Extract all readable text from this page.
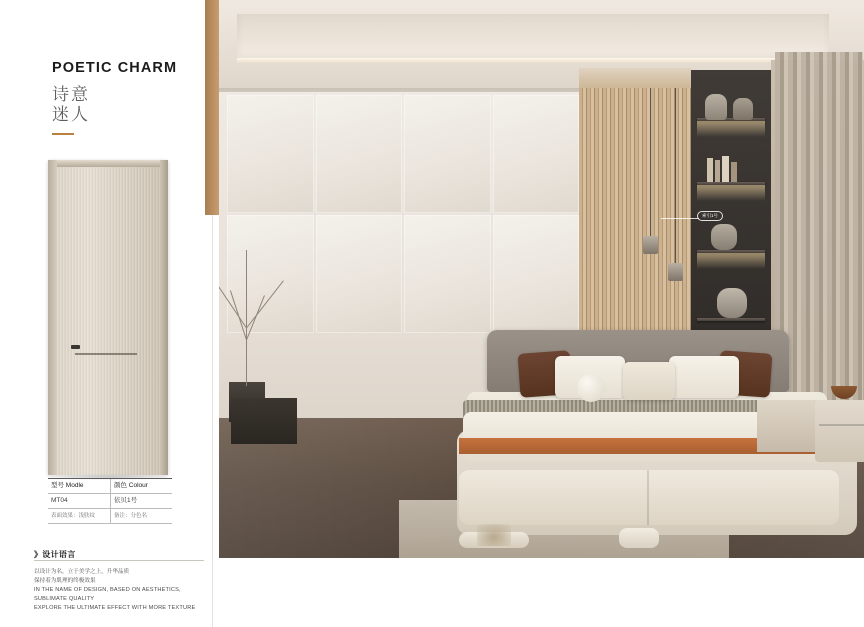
POETIC CHARM
诗意
迷人
型号 Modle	颜色 Colour
MT04	依贝1号
表面效果：浅肤纹	备注：分色名
》设计语言
以设计为名，立于美学之上，升华品质
保持着为肌理的终极效果
IN THE NAME OF DESIGN, BASED ON AESTHETICS, SUBLIMATE QUALITY
EXPLORE THE ULTIMATE EFFECT WITH MORE TEXTURE
索引1号
